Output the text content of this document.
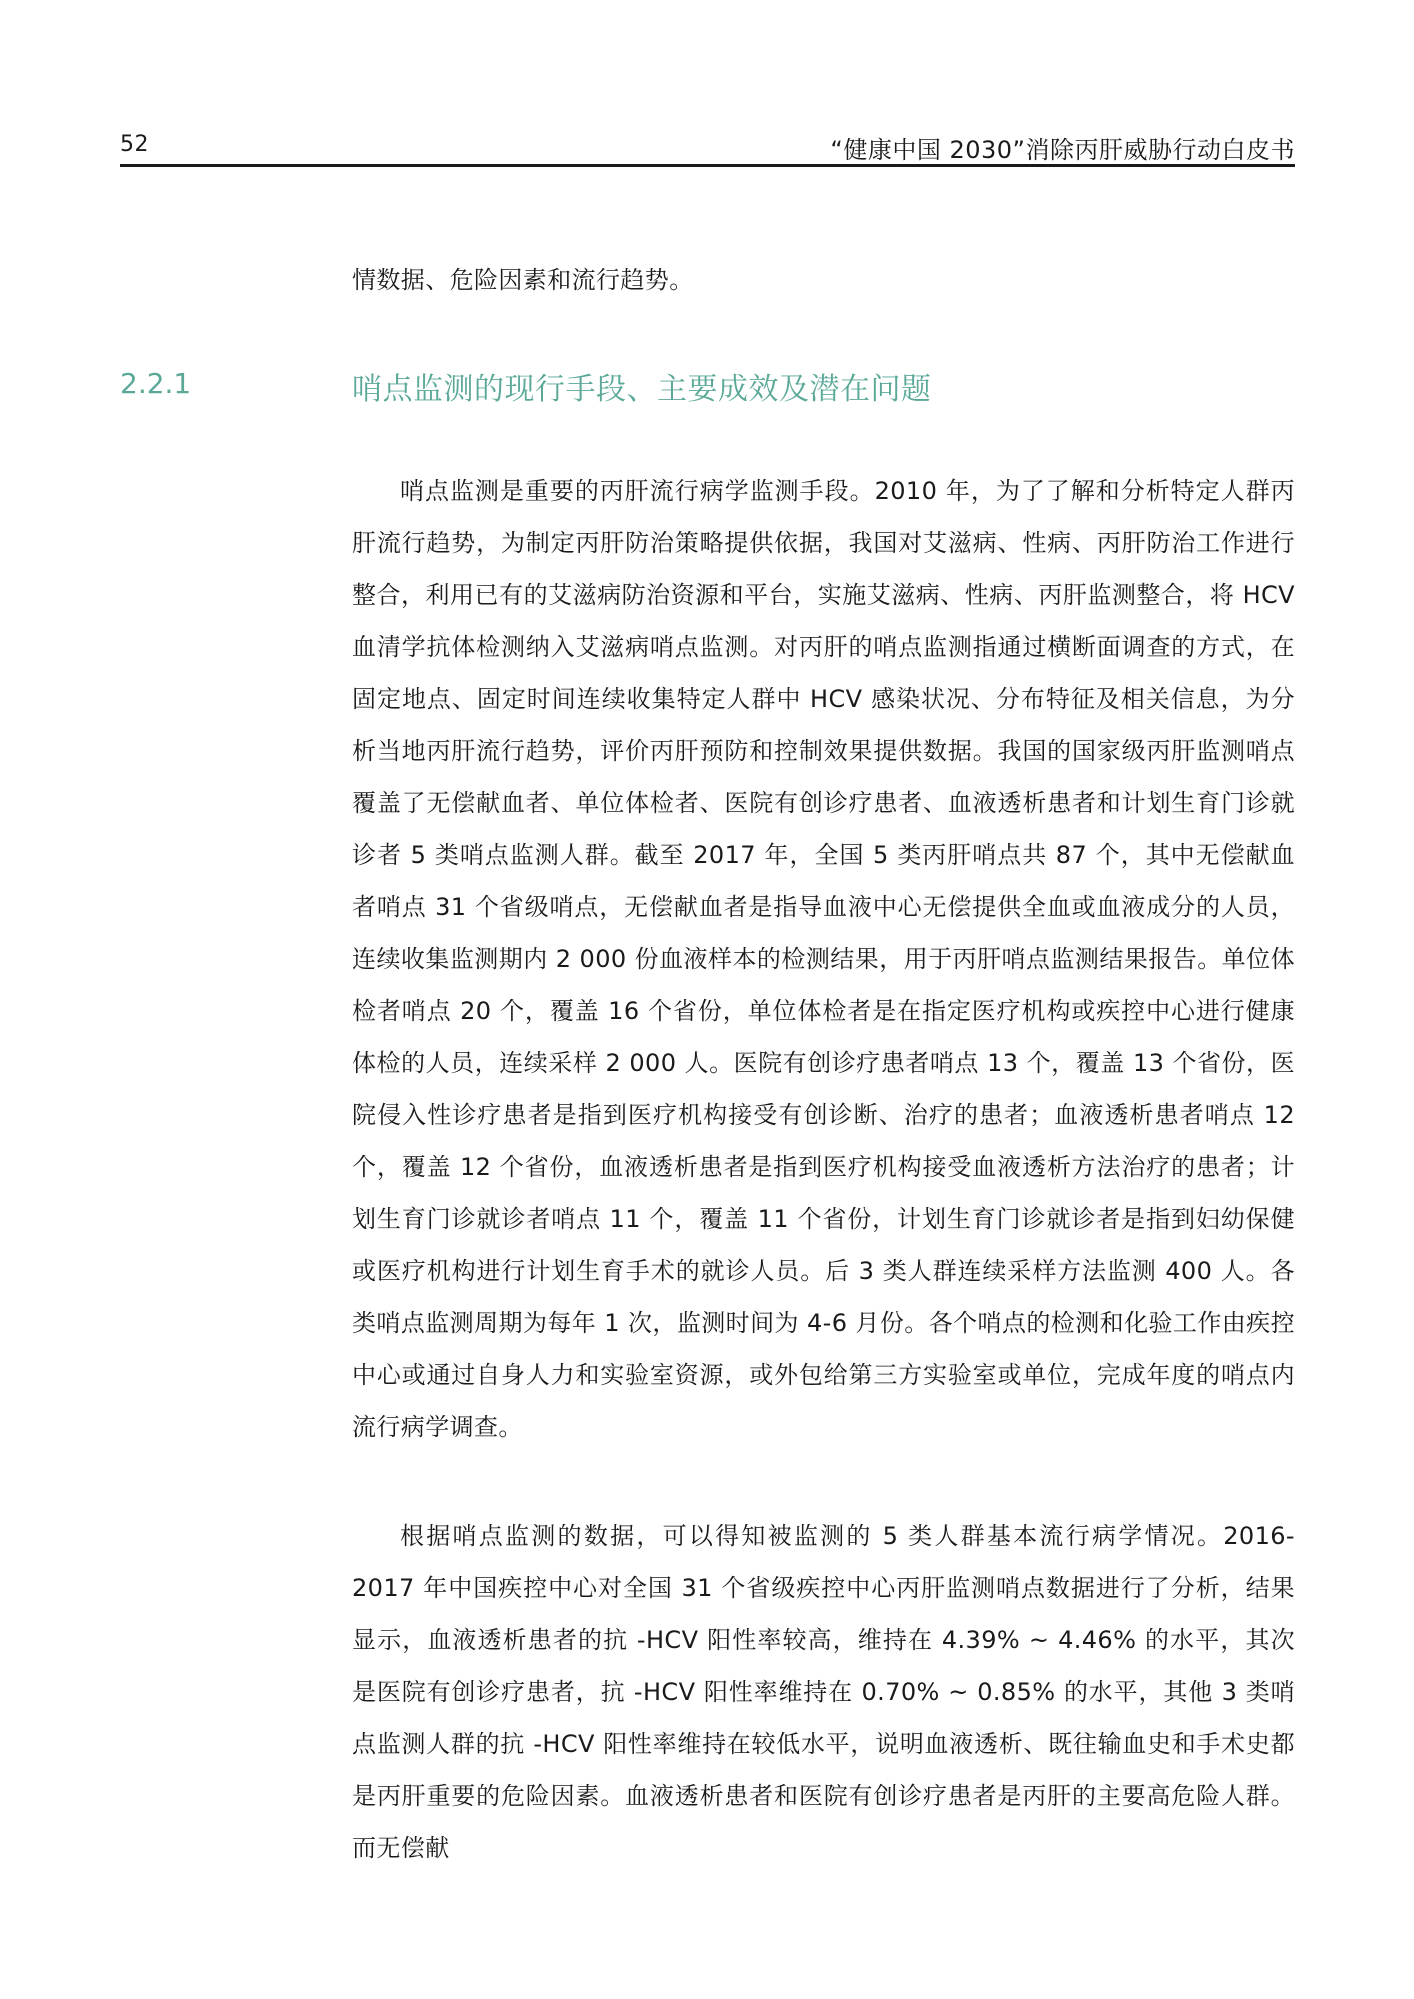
52	“健康中国 2030”消除丙肝威胁行动白皮书
情数据、危险因素和流行趋势。
2.2.1	哨点监测的现行手段、主要成效及潜在问题

哨点监测是重要的丙肝流行病学监测手段。2010 年，为了了解和分析特定人群丙肝流行趋势，为制定丙肝防治策略提供依据，我国对艾滋病、性病、丙肝防治工作进行整合，利用已有的艾滋病防治资源和平台，实施艾滋病、性病、丙肝监测整合，将 HCV 血清学抗体检测纳入艾滋病哨点监测。对丙肝的哨点监测指通过横断面调查的方式，在固定地点、固定时间连续收集特定人群中 HCV 感染状况、分布特征及相关信息，为分析当地丙肝流行趋势，评价丙肝预防和控制效果提供数据。我国的国家级丙肝监测哨点覆盖了无偿献血者、单位体检者、医院有创诊疗患者、血液透析患者和计划生育门诊就诊者 5 类哨点监测人群。截至 2017 年，全国 5 类丙肝哨点共 87 个，其中无偿献血者哨点 31 个省级哨点，无偿献血者是指导血液中心无偿提供全血或血液成分的人员，连续收集监测期内 2 000 份血液样本的检测结果，用于丙肝哨点监测结果报告。单位体检者哨点 20 个，覆盖 16 个省份，单位体检者是在指定医疗机构或疾控中心进行健康体检的人员，连续采样 2 000 人。医院有创诊疗患者哨点 13 个，覆盖 13 个省份，医院侵入性诊疗患者是指到医疗机构接受有创诊断、治疗的患者；血液透析患者哨点 12 个，覆盖 12 个省份，血液透析患者是指到医疗机构接受血液透析方法治疗的患者；计划生育门诊就诊者哨点 11 个，覆盖 11 个省份，计划生育门诊就诊者是指到妇幼保健或医疗机构进行计划生育手术的就诊人员。后 3 类人群连续采样方法监测 400 人。各类哨点监测周期为每年 1 次，监测时间为 4-6 月份。各个哨点的检测和化验工作由疾控中心或通过自身人力和实验室资源，或外包给第三方实验室或单位，完成年度的哨点内流行病学调查。

根据哨点监测的数据，可以得知被监测的 5 类人群基本流行病学情况。2016-2017 年中国疾控中心对全国 31 个省级疾控中心丙肝监测哨点数据进行了分析，结果显示，血液透析患者的抗 -HCV 阳性率较高，维持在 4.39% ~ 4.46% 的水平，其次是医院有创诊疗患者，抗 -HCV 阳性率维持在 0.70% ~ 0.85% 的水平，其他 3 类哨点监测人群的抗 -HCV 阳性率维持在较低水平，说明血液透析、既往输血史和手术史都是丙肝重要的危险因素。血液透析患者和医院有创诊疗患者是丙肝的主要高危险人群。而无偿献
